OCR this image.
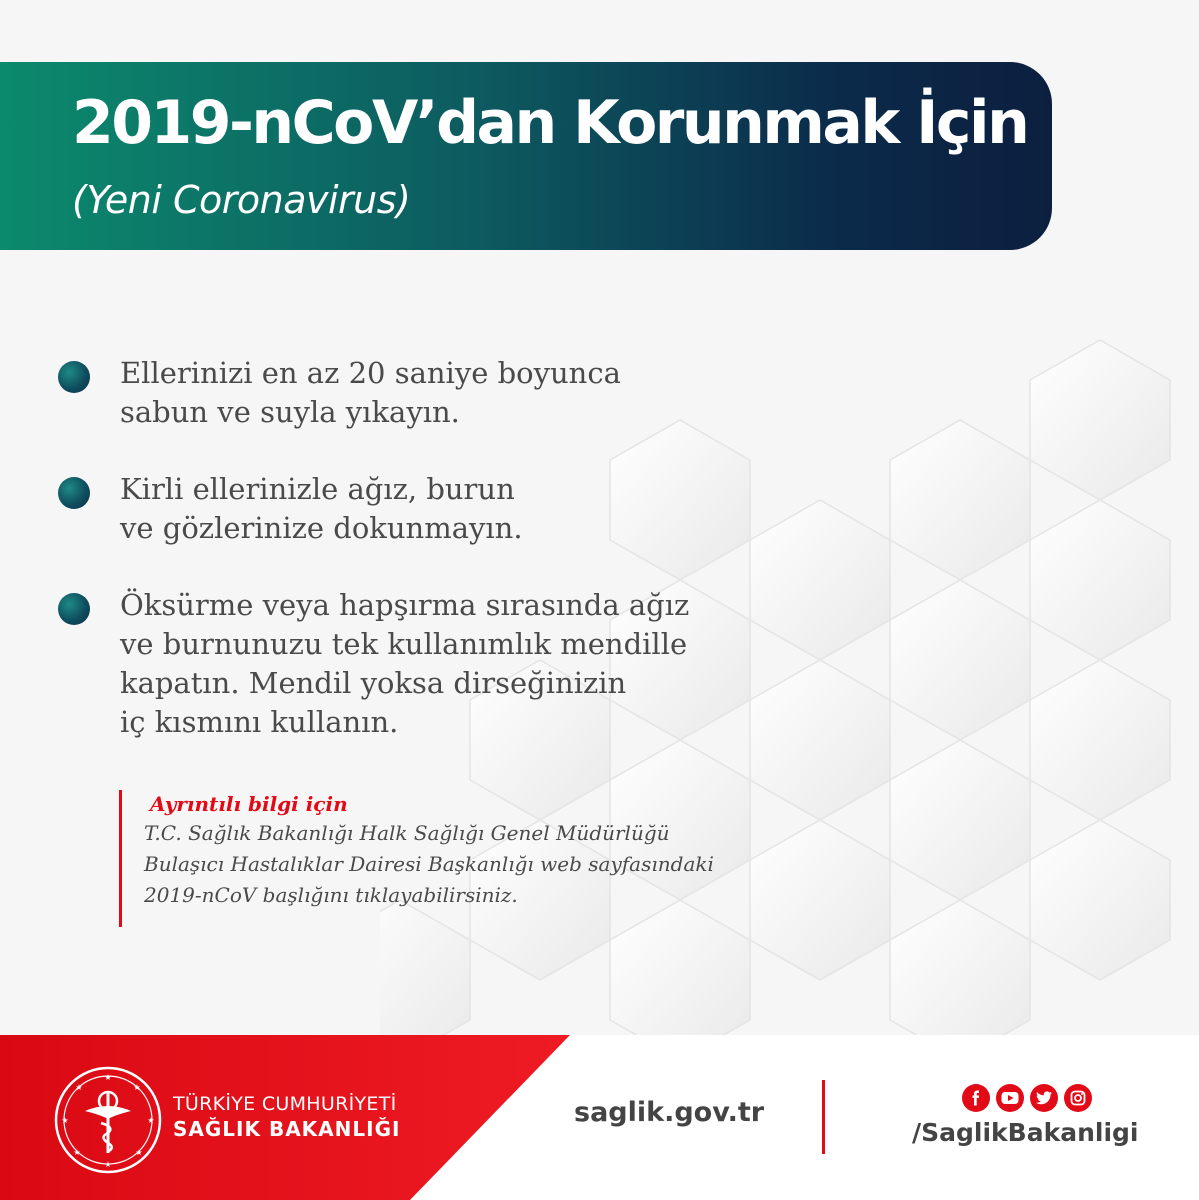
2019-nCoV’dan Korunmak İçin
(Yeni Coronavirus)
Ellerinizi en az 20 saniye boyunca
sabun ve suyla yıkayın.
Kirli ellerinizle ağız, burun
ve gözlerinize dokunmayın.
Öksürme veya hapşırma sırasında ağız
ve burnunuzu tek kullanımlık mendille
kapatın. Mendil yoksa dirseğinizin
iç kısmını kullanın.
Ayrıntılı bilgi için
T.C. Sağlık Bakanlığı Halk Sağlığı Genel Müdürlüğü
Bulaşıcı Hastalıklar Dairesi Başkanlığı web sayfasındaki
2019-nCoV başlığını tıklayabilirsiniz.
★
★
★
★
★
★
★
★
TÜRKİYE CUMHURİYETİ
SAĞLIK BAKANLIĞI
saglik.gov.tr
/SaglikBakanligi
